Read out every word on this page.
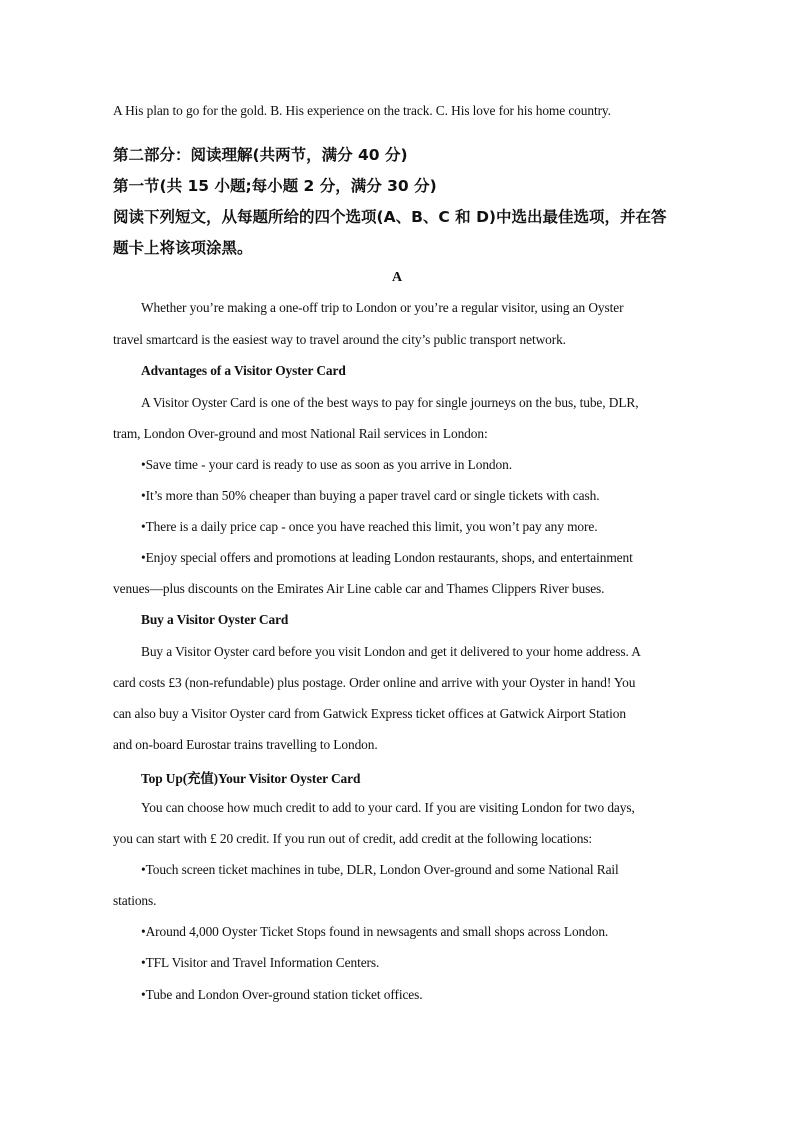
A His plan to go for the gold. B. His experience on the track. C. His love for his home country.
第二部分：阅读理解(共两节，满分 40 分)
第一节(共 15 小题;每小题 2 分，满分 30 分)
阅读下列短文，从每题所给的四个选项(A、B、C 和 D)中选出最佳选项，并在答
题卡上将该项涂黑。
A
Whether you’re making a one-off trip to London or you’re a regular visitor, using an Oyster
travel smartcard is the easiest way to travel around the city’s public transport network.
Advantages of a Visitor Oyster Card
A Visitor Oyster Card is one of the best ways to pay for single journeys on the bus, tube, DLR,
tram, London Over-ground and most National Rail services in London:
•Save time - your card is ready to use as soon as you arrive in London.
•It’s more than 50% cheaper than buying a paper travel card or single tickets with cash.
•There is a daily price cap - once you have reached this limit, you won’t pay any more.
•Enjoy special offers and promotions at leading London restaurants, shops, and entertainment
venues—plus discounts on the Emirates Air Line cable car and Thames Clippers River buses.
Buy a Visitor Oyster Card
Buy a Visitor Oyster card before you visit London and get it delivered to your home address. A
card costs £3 (non-refundable) plus postage. Order online and arrive with your Oyster in hand! You
can also buy a Visitor Oyster card from Gatwick Express ticket offices at Gatwick Airport Station
and on-board Eurostar trains travelling to London.
Top Up(充值)Your Visitor Oyster Card
You can choose how much credit to add to your card. If you are visiting London for two days,
you can start with £ 20 credit. If you run out of credit, add credit at the following locations:
•Touch screen ticket machines in tube, DLR, London Over-ground and some National Rail
stations.
•Around 4,000 Oyster Ticket Stops found in newsagents and small shops across London.
•TFL Visitor and Travel Information Centers.
•Tube and London Over-ground station ticket offices.
